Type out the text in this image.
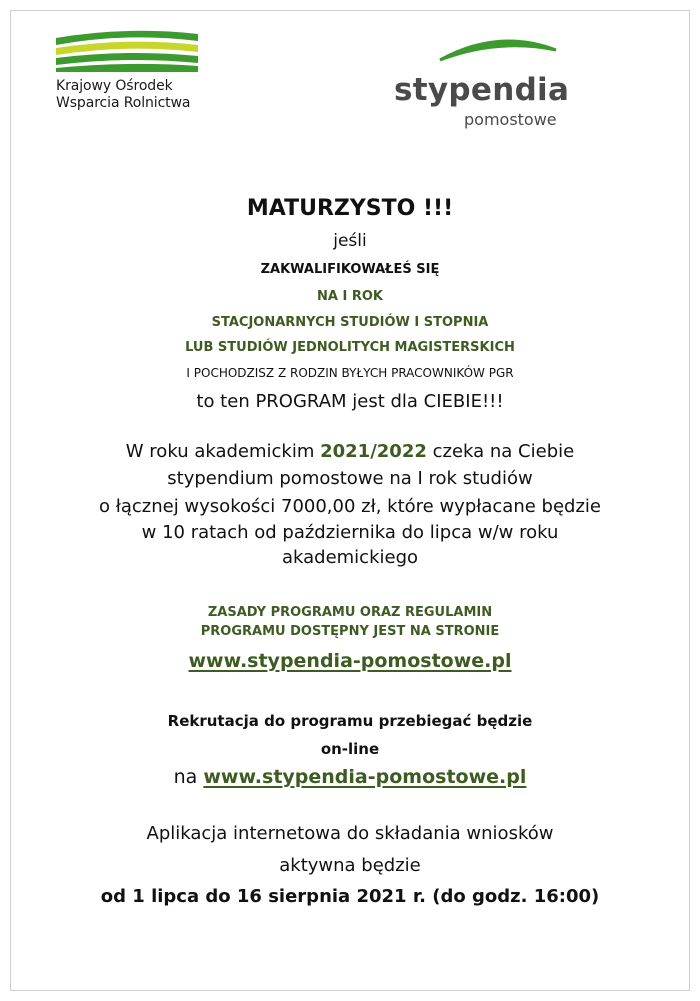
Krajowy Ośrodek
Wsparcia Rolnictwa	stypendia
pomostowe
MATURZYSTO !!!
jeśli
ZAKWALIFIKOWAŁEŚ SIĘ
NA I ROK
STACJONARNYCH STUDIÓW I STOPNIA
LUB STUDIÓW JEDNOLITYCH MAGISTERSKICH
I POCHODZISZ Z RODZIN BYŁYCH PRACOWNIKÓW PGR
to ten PROGRAM jest dla CIEBIE!!!
W roku akademickim 2021/2022 czeka na Ciebie
stypendium pomostowe na I rok studiów
o łącznej wysokości 7000,00 zł, które wypłacane będzie
w 10 ratach od października do lipca w/w roku
akademickiego
ZASADY PROGRAMU ORAZ REGULAMIN
PROGRAMU DOSTĘPNY JEST NA STRONIE
www.stypendia-pomostowe.pl
Rekrutacja do programu przebiegać będzie
on-line
na www.stypendia-pomostowe.pl
Aplikacja internetowa do składania wniosków
aktywna będzie
od 1 lipca do 16 sierpnia 2021 r. (do godz. 16:00)
